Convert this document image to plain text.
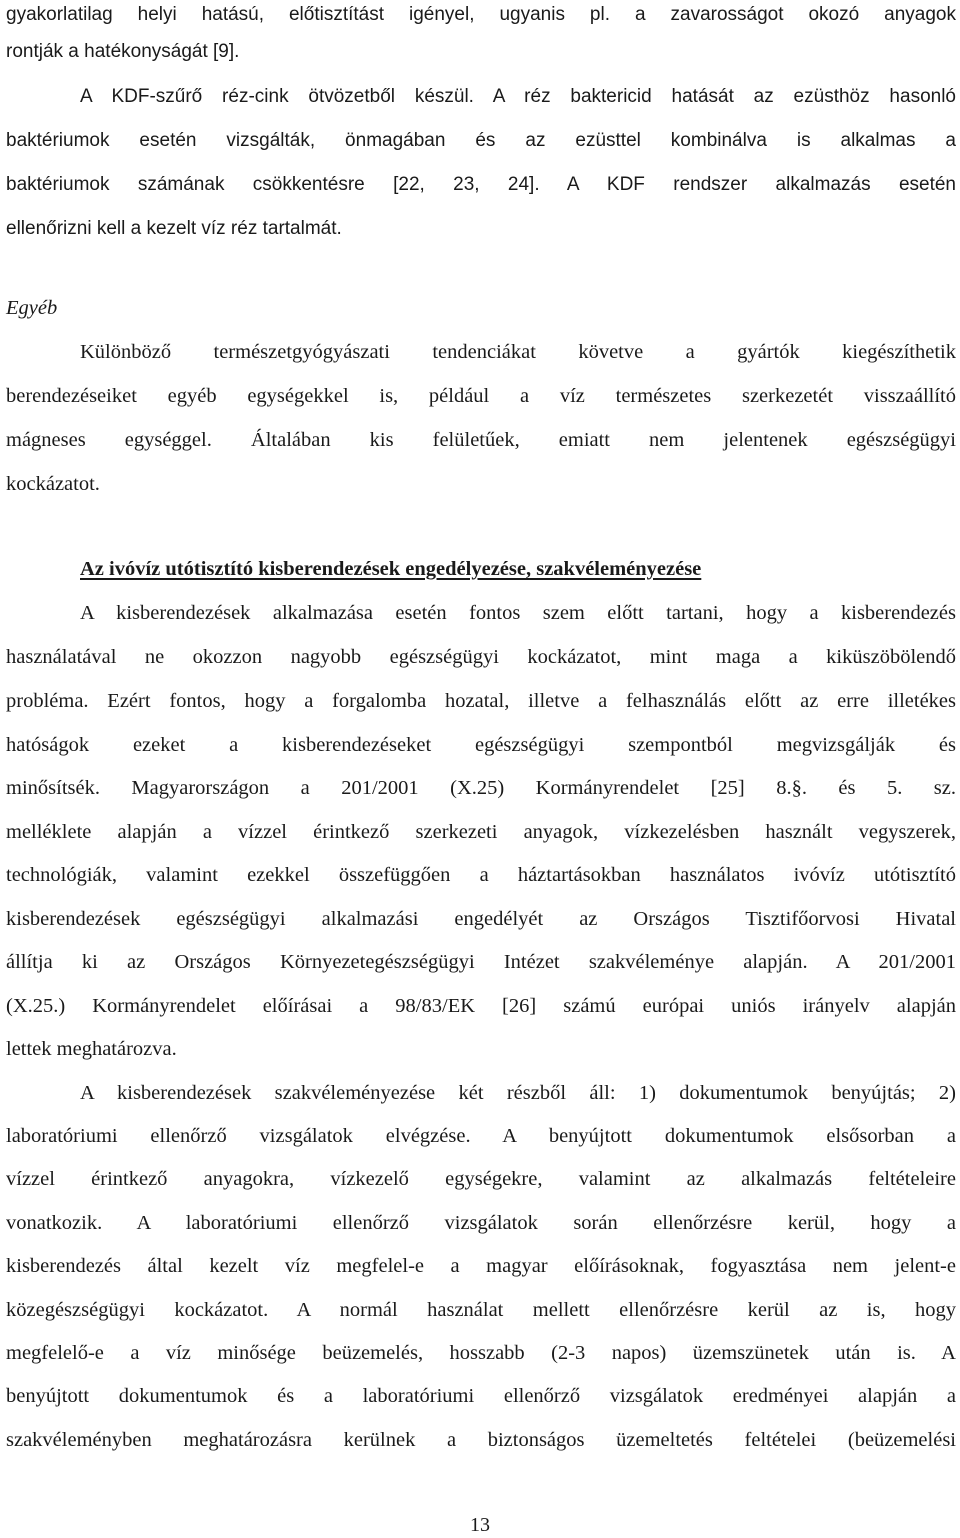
gyakorlatilag helyi hatású, előtisztítást igényel, ugyanis pl. a zavarosságot okozó anyagok
rontják a hatékonyságát [9].
A KDF-szűrő réz-cink ötvözetből készül. A réz baktericid hatását az ezüsthöz hasonló
baktériumok esetén vizsgálták, önmagában és az ezüsttel kombinálva is alkalmas a
baktériumok számának csökkentésre [22, 23, 24]. A KDF rendszer alkalmazás esetén
ellenőrizni kell a kezelt víz réz tartalmát.
Egyéb
Különböző természetgyógyászati tendenciákat követve a gyártók kiegészíthetik
berendezéseiket egyéb egységekkel is, például a víz természetes szerkezetét visszaállító
mágneses egységgel. Általában kis felületűek, emiatt nem jelentenek egészségügyi
kockázatot.
Az ivóvíz utótisztító kisberendezések engedélyezése, szakvéleményezése
A kisberendezések alkalmazása esetén fontos szem előtt tartani, hogy a kisberendezés
használatával ne okozzon nagyobb egészségügyi kockázatot, mint maga a kiküszöbölendő
probléma. Ezért fontos, hogy a forgalomba hozatal, illetve a felhasználás előtt az erre illetékes
hatóságok ezeket a kisberendezéseket egészségügyi szempontból megvizsgálják és
minősítsék. Magyarországon a 201/2001 (X.25) Kormányrendelet [25] 8.§. és 5. sz.
melléklete alapján a vízzel érintkező szerkezeti anyagok, vízkezelésben használt vegyszerek,
technológiák, valamint ezekkel összefüggően a háztartásokban használatos ivóvíz utótisztító
kisberendezések egészségügyi alkalmazási engedélyét az Országos Tisztifőorvosi Hivatal
állítja ki az Országos Környezetegészségügyi Intézet szakvéleménye alapján. A 201/2001
(X.25.) Kormányrendelet előírásai a 98/83/EK [26] számú európai uniós irányelv alapján
lettek meghatározva.
A kisberendezések szakvéleményezése két részből áll: 1) dokumentumok benyújtás; 2)
laboratóriumi ellenőrző vizsgálatok elvégzése. A benyújtott dokumentumok elsősorban a
vízzel érintkező anyagokra, vízkezelő egységekre, valamint az alkalmazás feltételeire
vonatkozik. A laboratóriumi ellenőrző vizsgálatok során ellenőrzésre kerül, hogy a
kisberendezés által kezelt víz megfelel-e a magyar előírásoknak, fogyasztása nem jelent-e
közegészségügyi kockázatot. A normál használat mellett ellenőrzésre kerül az is, hogy
megfelelő-e a víz minősége beüzemelés, hosszabb (2-3 napos) üzemszünetek után is. A
benyújtott dokumentumok és a laboratóriumi ellenőrző vizsgálatok eredményei alapján a
szakvéleményben meghatározásra kerülnek a biztonságos üzemeltetés feltételei (beüzemelési
13
